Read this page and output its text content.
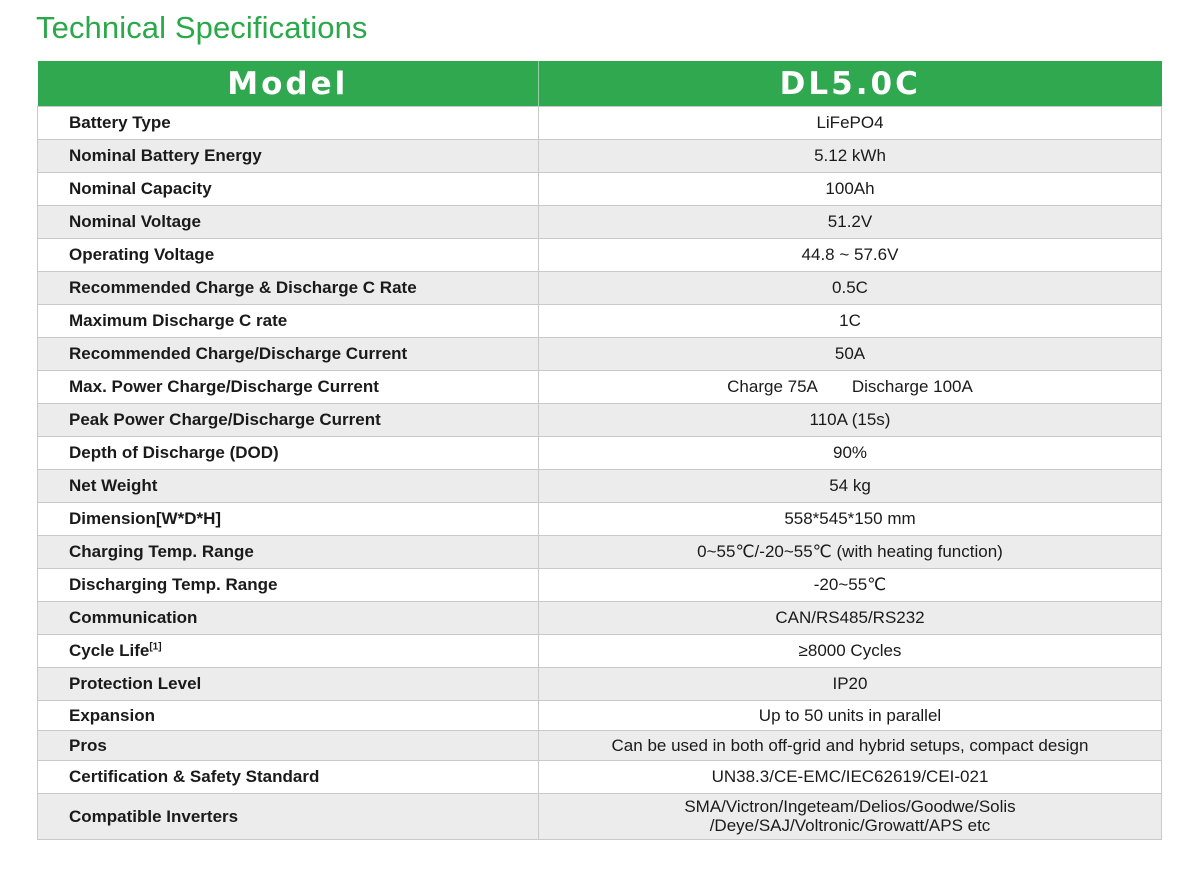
Technical Specifications
Model	DL5.0C
Battery Type	LiFePO4
Nominal Battery Energy	5.12 kWh
Nominal Capacity	100Ah
Nominal Voltage	51.2V
Operating Voltage	44.8 ~ 57.6V
Recommended Charge & Discharge C Rate	0.5C
Maximum Discharge C rate	1C
Recommended Charge/Discharge Current	50A
Max. Power Charge/Discharge Current	Charge 75A Discharge 100A
Peak Power Charge/Discharge Current	110A (15s)
Depth of Discharge (DOD)	90%
Net Weight	54 kg
Dimension[W*D*H]	558*545*150 mm
Charging Temp. Range	0~55℃/-20~55℃ (with heating function)
Discharging Temp. Range	-20~55℃
Communication	CAN/RS485/RS232
Cycle Life[1]	≥8000 Cycles
Protection Level	IP20
Expansion	Up to 50 units in parallel
Pros	Can be used in both off-grid and hybrid setups, compact design
Certification & Safety Standard	UN38.3/CE-EMC/IEC62619/CEI-021
Compatible Inverters	SMA/Victron/Ingeteam/Delios/Goodwe/Solis
/Deye/SAJ/Voltronic/Growatt/APS etc
